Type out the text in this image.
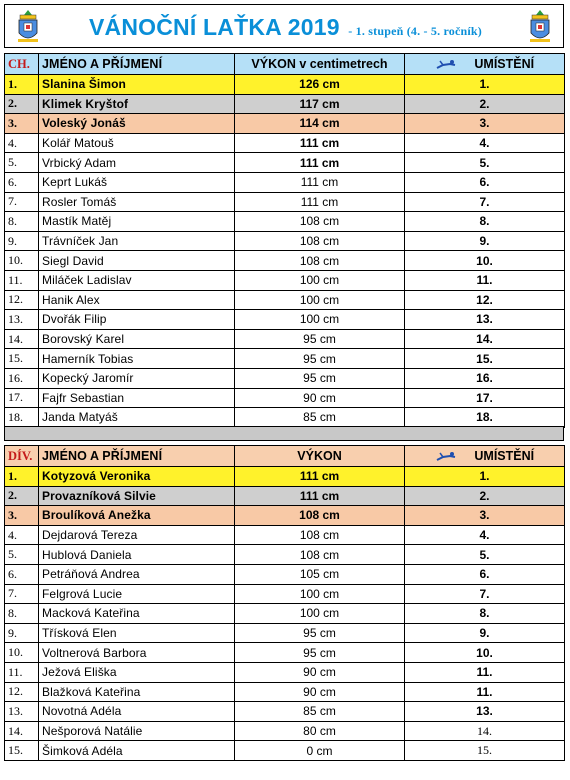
VÁNOČNÍ LAŤKA 2019 - 1. stupeň (4. - 5. ročník)
CH.	JMÉNO A PŘÍJMENÍ	VÝKON v centimetrech	UMÍSTĚNÍ
1.	Slanina Šimon	126 cm	1.
2.	Klimek Kryštof	117 cm	2.
3.	Voleský Jonáš	114 cm	3.
4.	Kolář Matouš	111 cm	4.
5.	Vrbický Adam	111 cm	5.
6.	Keprt Lukáš	111 cm	6.
7.	Rosler Tomáš	111 cm	7.
8.	Mastík Matěj	108 cm	8.
9.	Trávníček Jan	108 cm	9.
10.	Siegl David	108 cm	10.
11.	Miláček Ladislav	100 cm	11.
12.	Hanik Alex	100 cm	12.
13.	Dvořák Filip	100 cm	13.
14.	Borovský Karel	95 cm	14.
15.	Hamerník Tobias	95 cm	15.
16.	Kopecký Jaromír	95 cm	16.
17.	Fajfr Sebastian	90 cm	17.
18.	Janda Matyáš	85 cm	18.
DÍV.	JMÉNO A PŘÍJMENÍ	VÝKON	UMÍSTĚNÍ
1.	Kotyzová Veronika	111 cm	1.
2.	Provazníková Silvie	111 cm	2.
3.	Broulíková Anežka	108 cm	3.
4.	Dejdarová Tereza	108 cm	4.
5.	Hublová Daniela	108 cm	5.
6.	Petráňová Andrea	105 cm	6.
7.	Felgrová Lucie	100 cm	7.
8.	Macková Kateřina	100 cm	8.
9.	Třísková Elen	95 cm	9.
10.	Voltnerová Barbora	95 cm	10.
11.	Ježová Eliška	90 cm	11.
12.	Blažková Kateřina	90 cm	11.
13.	Novotná Adéla	85 cm	13.
14.	Nešporová Natálie	80 cm	14.
15.	Šimková Adéla	0 cm	15.
